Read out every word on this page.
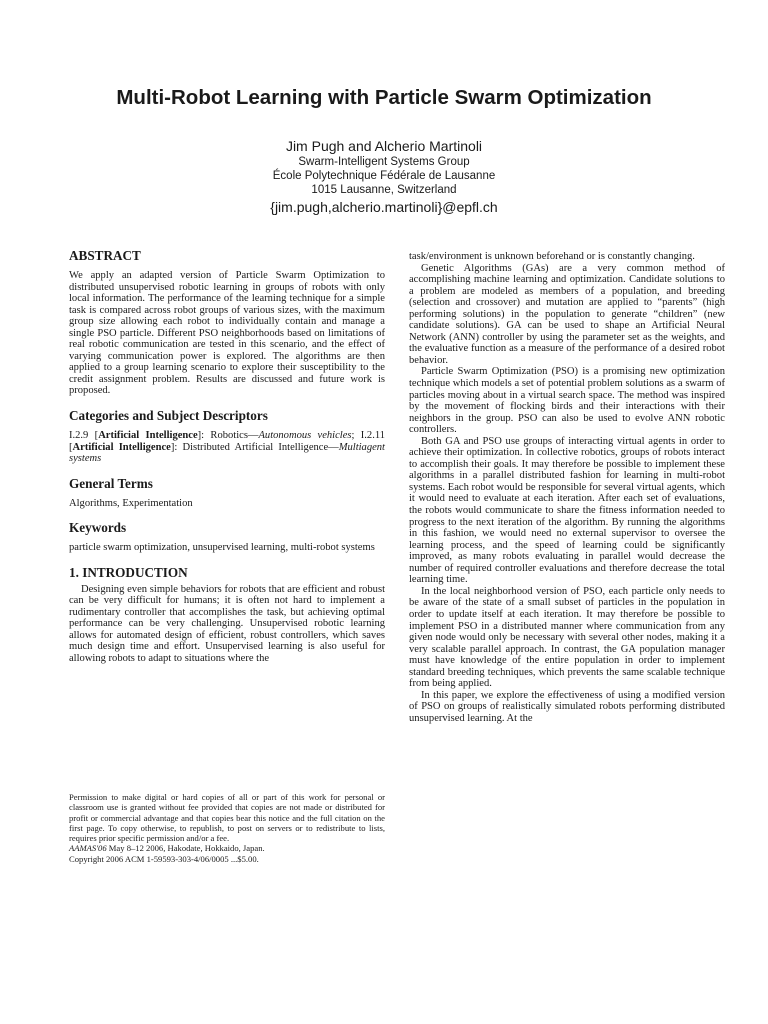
Multi-Robot Learning with Particle Swarm Optimization
Jim Pugh and Alcherio Martinoli
Swarm-Intelligent Systems Group
École Polytechnique Fédérale de Lausanne
1015 Lausanne, Switzerland
{jim.pugh,alcherio.martinoli}@epfl.ch
ABSTRACT

We apply an adapted version of Particle Swarm Optimization to distributed unsupervised robotic learning in groups of robots with only local information. The performance of the learning technique for a simple task is compared across robot groups of various sizes, with the maximum group size allowing each robot to individually contain and manage a single PSO particle. Different PSO neighborhoods based on limitations of real robotic communication are tested in this scenario, and the effect of varying communication power is explored. The algorithms are then applied to a group learning scenario to explore their susceptibility to the credit assignment problem. Results are discussed and future work is proposed.

Categories and Subject Descriptors

I.2.9 [Artificial Intelligence]: Robotics—Autonomous vehicles; I.2.11 [Artificial Intelligence]: Distributed Artificial Intelligence—Multiagent systems

General Terms

Algorithms, Experimentation

Keywords

particle swarm optimization, unsupervised learning, multi-robot systems

1. INTRODUCTION

Designing even simple behaviors for robots that are efficient and robust can be very difficult for humans; it is often not hard to implement a rudimentary controller that accomplishes the task, but achieving optimal performance can be very challenging. Unsupervised robotic learning allows for automated design of efficient, robust controllers, which saves much design time and effort. Unsupervised learning is also useful for allowing robots to adapt to situations where the

Permission to make digital or hard copies of all or part of this work for personal or classroom use is granted without fee provided that copies are not made or distributed for profit or commercial advantage and that copies bear this notice and the full citation on the first page. To copy otherwise, to republish, to post on servers or to redistribute to lists, requires prior specific permission and/or a fee.

AAMAS'06 May 8–12 2006, Hakodate, Hokkaido, Japan.

Copyright 2006 ACM 1-59593-303-4/06/0005 ...$5.00.

task/environment is unknown beforehand or is constantly changing.

Genetic Algorithms (GAs) are a very common method of accomplishing machine learning and optimization. Candidate solutions to a problem are modeled as members of a population, and breeding (selection and crossover) and mutation are applied to “parents” (high performing solutions) in the population to generate “children” (new candidate solutions). GA can be used to shape an Artificial Neural Network (ANN) controller by using the parameter set as the weights, and the evaluative function as a measure of the performance of a desired robot behavior.

Particle Swarm Optimization (PSO) is a promising new optimization technique which models a set of potential problem solutions as a swarm of particles moving about in a virtual search space. The method was inspired by the movement of flocking birds and their interactions with their neighbors in the group. PSO can also be used to evolve ANN robotic controllers.

Both GA and PSO use groups of interacting virtual agents in order to achieve their optimization. In collective robotics, groups of robots interact to accomplish their goals. It may therefore be possible to implement these algorithms in a parallel distributed fashion for learning in multi-robot systems. Each robot would be responsible for several virtual agents, which it would need to evaluate at each iteration. After each set of evaluations, the robots would communicate to share the fitness information needed to progress to the next iteration of the algorithm. By running the algorithms in this fashion, we would need no external supervisor to oversee the learning process, and the speed of learning could be significantly improved, as many robots evaluating in parallel would decrease the number of required controller evaluations and therefore decrease the total learning time.

In the local neighborhood version of PSO, each particle only needs to be aware of the state of a small subset of particles in the population in order to update itself at each iteration. It may therefore be possible to implement PSO in a distributed manner where communication from any given node would only be necessary with several other nodes, making it a very scalable parallel approach. In contrast, the GA population manager must have knowledge of the entire population in order to implement standard breeding techniques, which prevents the same scalable technique from being applied.

In this paper, we explore the effectiveness of using a modified version of PSO on groups of realistically simulated robots performing distributed unsupervised learning. At the
